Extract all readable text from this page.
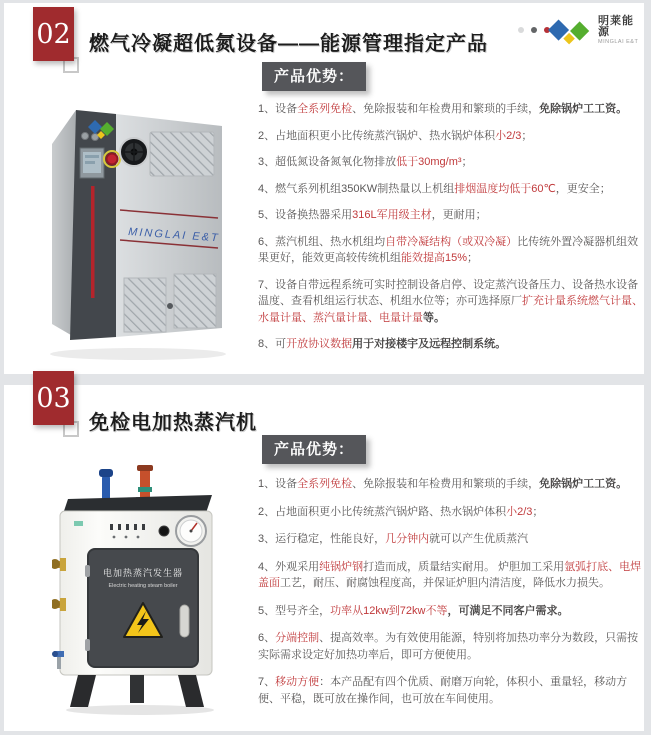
02 燃气冷凝超低氮设备——能源管理指定产品
明莱能源
MINGLAI E&T
产品优势：
MINGLAI E&T

1、设备全系列免检、免除报装和年检费用和繁琐的手续，免除锅炉工工资。

2、占地面积更小比传统蒸汽锅炉、热水锅炉体积小2/3；

3、超低氮设备氮氧化物排放低于30mg/m³；

4、燃气系列机组350KW制热量以上机组排烟温度均低于60℃，更安全；

5、设备换热器采用316L军用级主材，更耐用；

6、蒸汽机组、热水机组均自带冷凝结构（或双冷凝）比传统外置冷凝器机组效果更好，能效更高较传统机组能效提高15%；

7、设备自带远程系统可实时控制设备启停、设定蒸汽设备压力、设备热水设备温度、查看机组运行状态、机组水位等；亦可选择原厂扩充计量系统燃气计量、水量计量、蒸汽量计量、电量计量等。

8、可开放协议数据用于对接楼宇及远程控制系统。

03
免检电加热蒸汽机
产品优势：
电加热蒸汽发生器
Electric heating steam boiler

1、设备全系列免检、免除报装和年检费用和繁琐的手续，免除锅炉工工资。

2、占地面积更小比传统蒸汽锅炉路、热水锅炉体积小2/3；

3、运行稳定，性能良好，几分钟内就可以产生优质蒸汽

4、外观采用纯锅炉钢打造而成，质量结实耐用。 炉胆加工采用氩弧打底、电焊盖面工艺，耐压、耐腐蚀程度高，并保证炉胆内清洁度，降低水力损失。

5、型号齐全，功率从12kw到72kw不等，可满足不同客户需求。

6、分端控制、提高效率。为有效使用能源，特别将加热功率分为数段，只需按实际需求设定好加热功率后，即可方便使用。

7、移动方便：本产品配有四个优质、耐磨万向轮，体积小、重量轻，移动方便、平稳，既可放在操作间，也可放在车间使用。
